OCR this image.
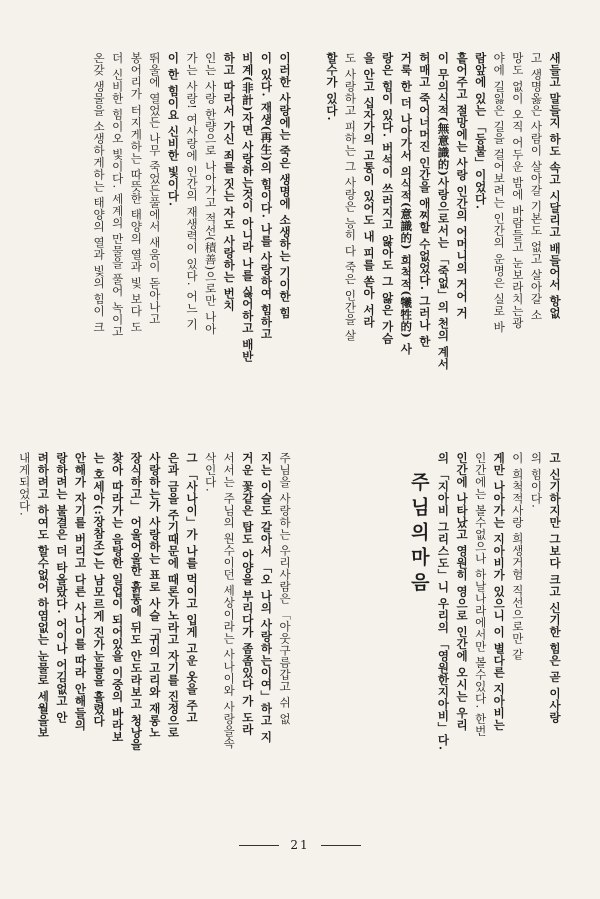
새들고 말들지 하도 속고 시달리고 배들어서 항없

고 생명옳은 사람이 살아갈 기본도 없고 살아갈 소

망도 없이 오직 어두운 밤에 바람들고 눈보라치는광

야에 길잃은 길을 걸어보려는 인간의 운명은 실로 바

람앞에 있는 「등불」이었다.

흩어주고 절망에는 사랑 인간의 어머니의 거어 거

이 무의식적(無意識的)사랑으로서는 「죽없」의 천의 계서

허매고 죽어너머진 인간을 애찌할 수없었다. 그러나 한

거룩 한 더 나아가서 의식적(意識的) 희척적(犧牲的) 사

랑은 힘이 있다. 버석이 쓰러지고 앓아도 그 앓은 가슴

을 안고 십자가의 고통이 있어도 내 피를 쏟아 서라

도 사랑하고 피하는 그 사랑은 능히 다 죽은 인간을 살

할수가 있다.

이러한 사랑에는 죽은 생명에 소생하는 기이한 힘

이 있다. 재생(再生)의 힘이다. 나를 사랑하여 힘하고

비계(非計)자면 사랑하는것이 아니라 나를 싫어하고 배반

하고 따라서 가신 죄를 짓는 자도 사랑하는 번치

인는 사랑 한량으로 나아가고 적선(積善)으로만 나아

가는 사랑! 여사랑에 인간의 재생력이 있다. 어느 기

이 한 힘이요 신비한 빛이다.

뛰울에 열었든 나무 죽었든풀에서 새움이 돋아나고

봉어리가 터지게하는 따뜻한 태양의 열과 빛 보다 도

더 신비한 힘이오 빛이다. 세계의 만물을 풀어 녹이고

온갖 생물을 소생하게하는 태양의 열과 빛의 힘이 크

고 신기하지만 그보다 크고 신기한 힘은 곧 이사랑

의 힘이다.

이 희척적사랑 희생거험 직선으로만 같

게만 나아가는 지아비가 있으니 이 별다른 지아비는

인간에는 볼수없으나 하날나라에서만 볼수있다. 한번

인간에 나타났고 영원히 영으로 인간에 오시는 우리

의 「지아비 그리스도」니 우리의 「영원한지아비」다.

주님의마음

주님을 사랑하는 우리사람은 「아웃구름갑고 쉬 없

지는 이슬도 갈아서 「오 나의 사랑하는이여」하고 지

거운 꽃같은 탑도 아양을 부리다가 좀좀있다 가 도라

서서는 주님의 원수이던 세상이라는 사나이와 사랑을속

삭인다.

그 「사나이」가 나를 먹이고 입게 고운 옷을 주고

은과 금을 주기때문에 때론가노라고 자기를 진정으로

사랑하는가 사랑하는 표로 사슬「귀의 고리와 재롱노

장식하고」 어울어울한 흙통에 뒤도 안도라보고 청낭을

찾아 따라가는 음탕한 일업이 되어있을 이중의 바라보

는 호세아(:장참조)는 남모르게 진가눈물을 흘렸다

안해가 자기를 버리고 다른 사나이를 따라 안해들의

랑하려는 불결은 더 타올랐다. 어이나 어김없고 안

려하려고 하여도 할수없어 하염없는 눈물로 세월을보

내게되었다.

21
